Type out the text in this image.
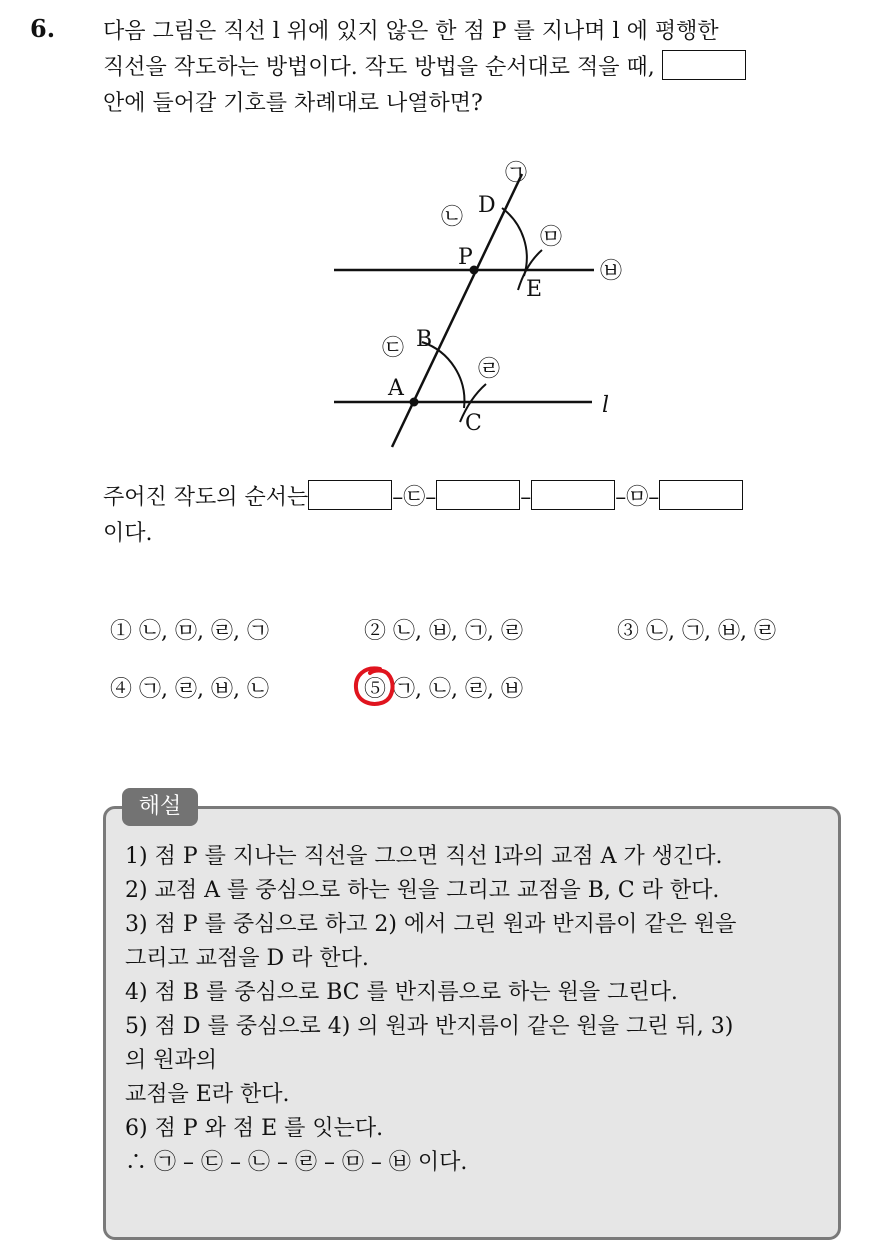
6. 다음 그림은 직선 l 위에 있지 않은 한 점 P 를 지나며 l 에 평행한
직선을 작도하는 방법이다. 작도 방법을 순서대로 적을 때,
안에 들어갈 기호를 차례대로 나열하면?
㉠
㉡ D
㉤
P
E
㉥
㉢ B
㉣
A
C
l
주어진 작도의 순서는	–㉢–	–	–㉤–
이다.
① ㉡, ㉤, ㉣, ㉠	② ㉡, ㉥, ㉠, ㉣	③ ㉡, ㉠, ㉥, ㉣
④ ㉠, ㉣, ㉥, ㉡	⑤ ㉠, ㉡, ㉣, ㉥
해설
1) 점 P 를 지나는 직선을 그으면 직선 l과의 교점 A 가 생긴다.
2) 교점 A 를 중심으로 하는 원을 그리고 교점을 B, C 라 한다.
3) 점 P 를 중심으로 하고 2) 에서 그린 원과 반지름이 같은 원을
그리고 교점을 D 라 한다.
4) 점 B 를 중심으로 BC 를 반지름으로 하는 원을 그린다.
5) 점 D 를 중심으로 4) 의 원과 반지름이 같은 원을 그린 뒤, 3)
의 원과의
교점을 E라 한다.
6) 점 P 와 점 E 를 잇는다.
∴ ㉠ – ㉢ – ㉡ – ㉣ – ㉤ – ㉥ 이다.
